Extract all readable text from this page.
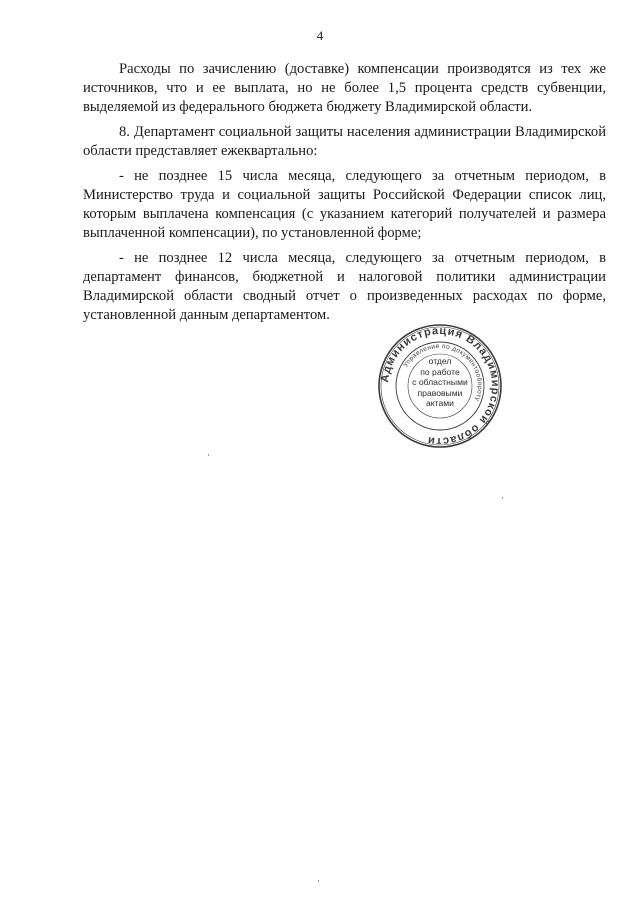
4

Расходы по зачислению (доставке) компенсации производятся из тех же источников, что и ее выплата, но не более 1,5 процента средств субвенции, выделяемой из федерального бюджета бюджету Владимирской области.

8. Департамент социальной защиты населения администрации Владимирской области представляет ежеквартально:

- не позднее 15 числа месяца, следующего за отчетным периодом, в Министерство труда и социальной защиты Российской Федерации список лиц, которым выплачена компенсация (с указанием категорий получателей и размера выплаченной компенсации), по установленной форме;

- не позднее 12 числа месяца, следующего за отчетным периодом, в департамент финансов, бюджетной и налоговой политики администрации Владимирской области сводный отчет о произведенных расходах по форме, установленной данным департаментом.

Администрация Владимирской области
Управление по документообороту
отдел
по работе
с областными
правовыми
актами
